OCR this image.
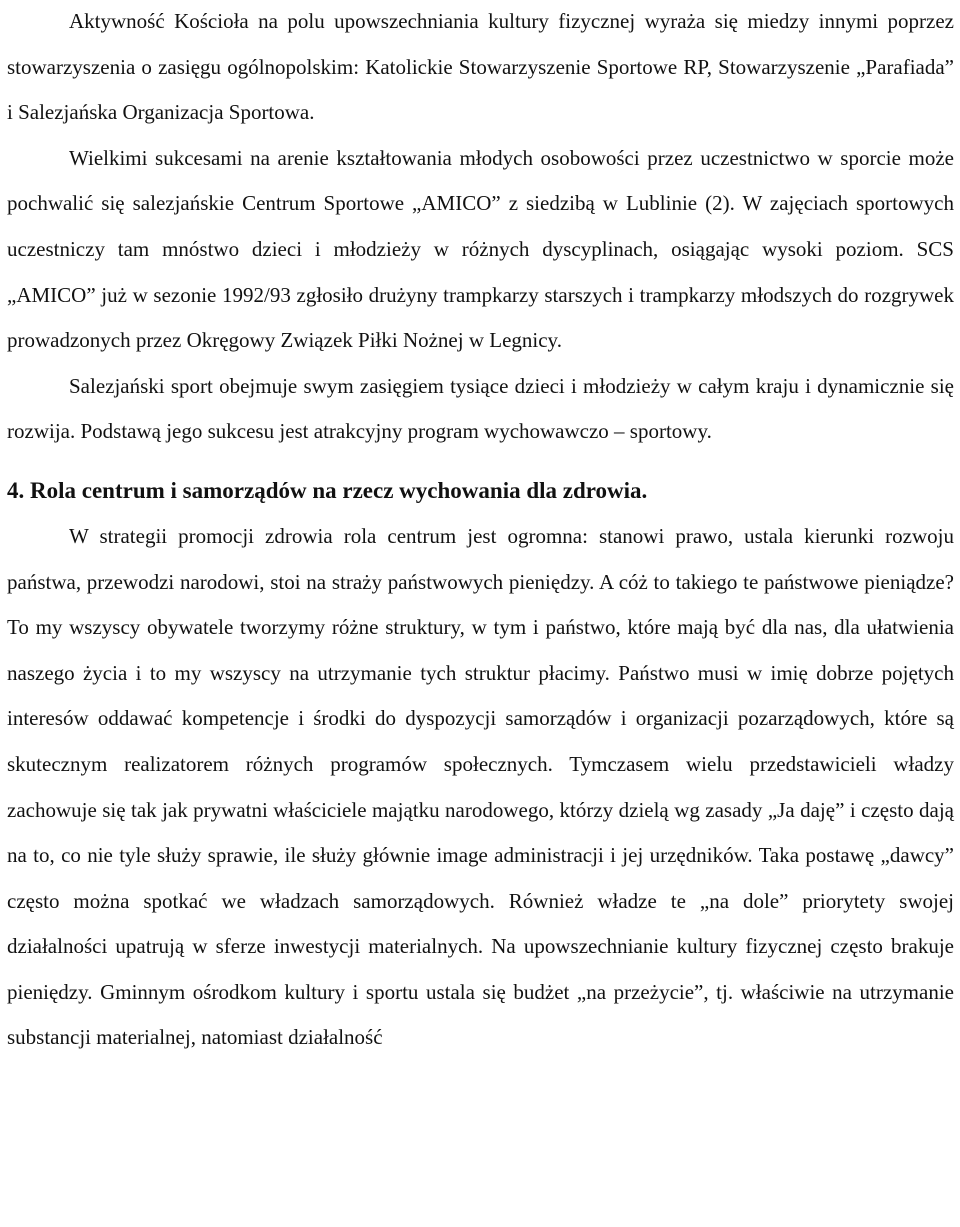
Aktywność Kościoła na polu upowszechniania kultury fizycznej wyraża się miedzy innymi poprzez stowarzyszenia o zasięgu ogólnopolskim: Katolickie Stowarzyszenie Sportowe RP, Stowarzyszenie „Parafiada” i Salezjańska Organizacja Sportowa.

Wielkimi sukcesami na arenie kształtowania młodych osobowości przez uczestnictwo w sporcie może pochwalić się salezjańskie Centrum Sportowe „AMICO” z siedzibą w Lublinie (2). W zajęciach sportowych uczestniczy tam mnóstwo dzieci i młodzieży w różnych dyscyplinach, osiągając wysoki poziom. SCS „AMICO” już w sezonie 1992/93 zgłosiło drużyny trampkarzy starszych i trampkarzy młodszych do rozgrywek prowadzonych przez Okręgowy Związek Piłki Nożnej w Legnicy.

Salezjański sport obejmuje swym zasięgiem tysiące dzieci i młodzieży w całym kraju i dynamicznie się rozwija. Podstawą jego sukcesu jest atrakcyjny program wychowawczo – sportowy.

4. Rola centrum i samorządów na rzecz wychowania dla zdrowia.

W strategii promocji zdrowia rola centrum jest ogromna: stanowi prawo, ustala kierunki rozwoju państwa, przewodzi narodowi, stoi na straży państwowych pieniędzy. A cóż to takiego te państwowe pieniądze? To my wszyscy obywatele tworzymy różne struktury, w tym i państwo, które mają być dla nas, dla ułatwienia naszego życia i to my wszyscy na utrzymanie tych struktur płacimy. Państwo musi w imię dobrze pojętych interesów oddawać kompetencje i środki do dyspozycji samorządów i organizacji pozarządowych, które są skutecznym realizatorem różnych programów społecznych. Tymczasem wielu przedstawicieli władzy zachowuje się tak jak prywatni właściciele majątku narodowego, którzy dzielą wg zasady „Ja daję” i często dają na to, co nie tyle służy sprawie, ile służy głównie image administracji i jej urzędników. Taka postawę „dawcy” często można spotkać we władzach samorządowych. Również władze te „na dole” priorytety swojej działalności upatrują w sferze inwestycji materialnych. Na upowszechnianie kultury fizycznej często brakuje pieniędzy. Gminnym ośrodkom kultury i sportu ustala się budżet „na przeżycie”, tj. właściwie na utrzymanie substancji materialnej, natomiast działalność
